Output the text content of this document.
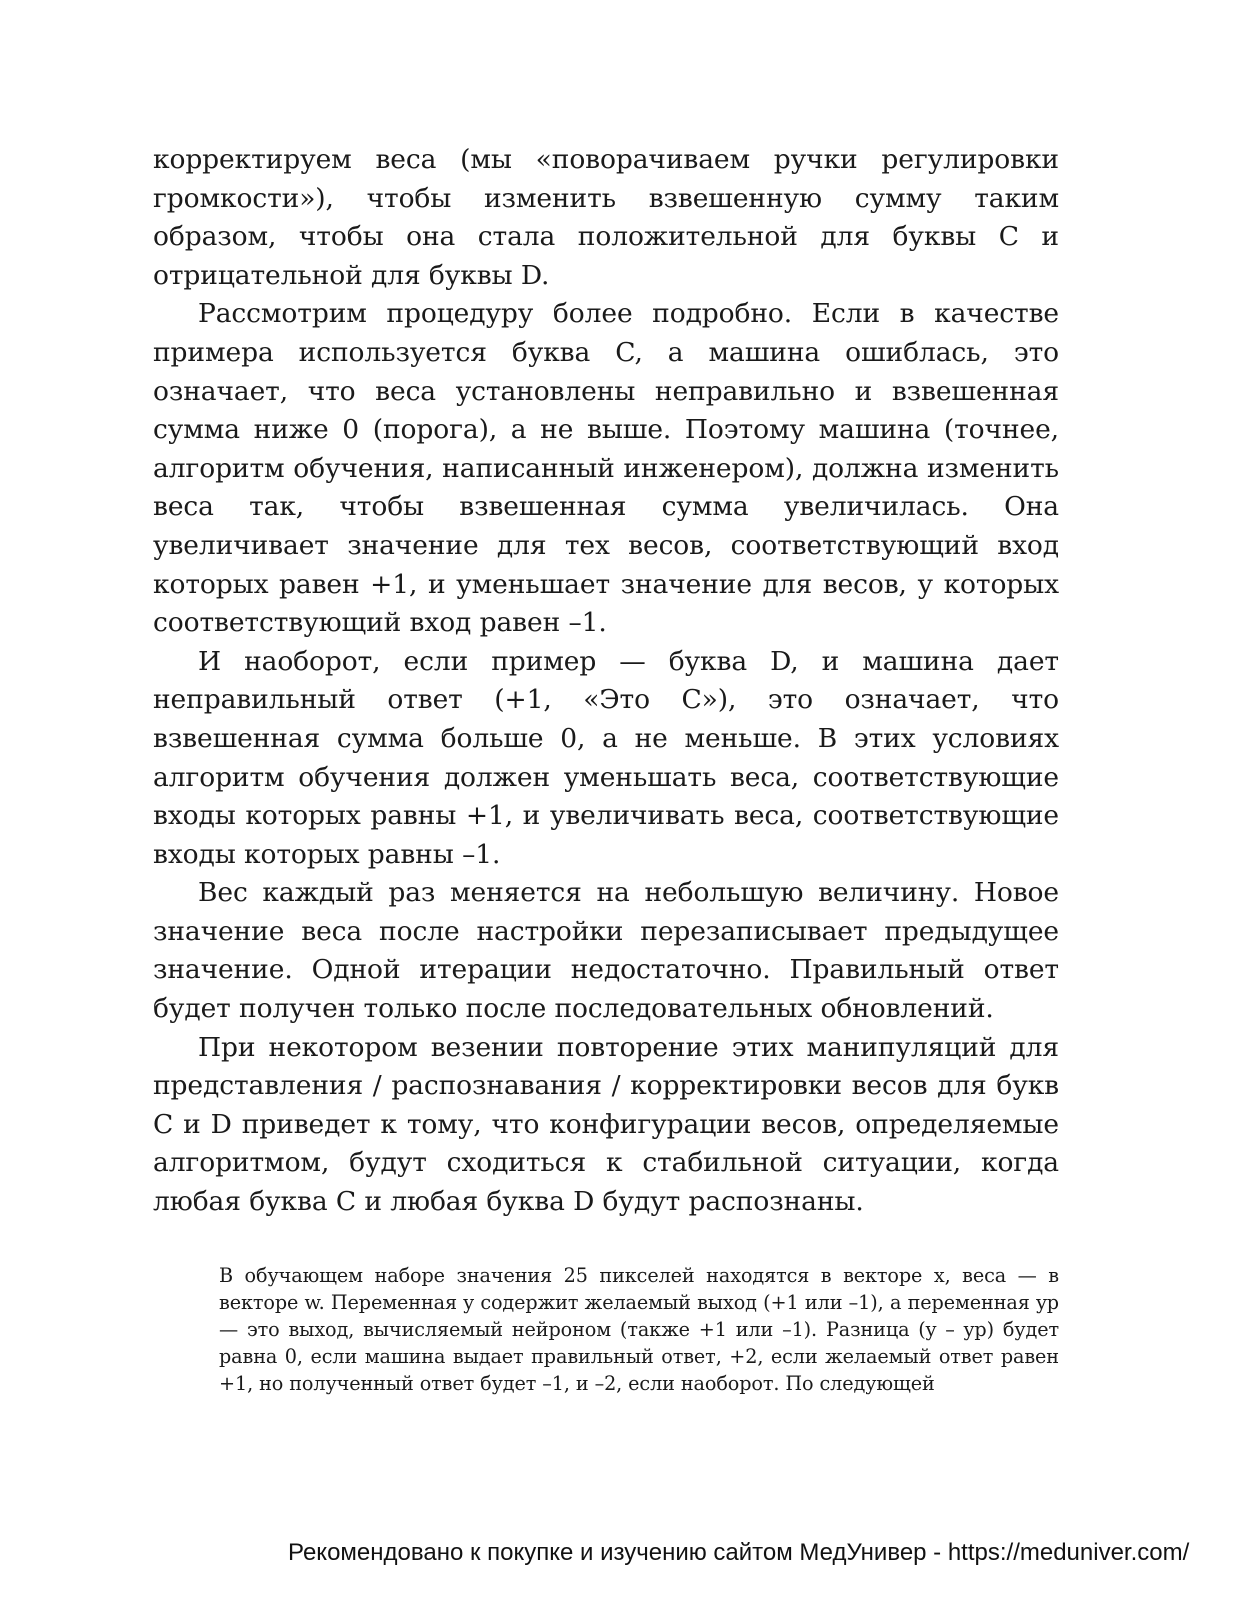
корректируем веса (мы «поворачиваем ручки регулировки громкости»), чтобы изменить взвешенную сумму таким образом, чтобы она стала положительной для буквы C и отрицательной для буквы D.

Рассмотрим процедуру более подробно. Если в качестве примера используется буква C, а машина ошиблась, это означает, что веса установлены неправильно и взвешенная сумма ниже 0 (порога), а не выше. Поэтому машина (точнее, алгоритм обучения, написанный инженером), должна изменить веса так, чтобы взвешенная сумма увеличилась. Она увеличивает значение для тех весов, соответствующий вход которых равен +1, и уменьшает значение для весов, у которых соответствующий вход равен –1.

И наоборот, если пример — буква D, и машина дает неправильный ответ (+1, «Это C»), это означает, что взвешенная сумма больше 0, а не меньше. В этих условиях алгоритм обучения должен уменьшать веса, соответствующие входы которых равны +1, и увеличивать веса, соответствующие входы которых равны –1.

Вес каждый раз меняется на небольшую величину. Новое значение веса после настройки перезаписывает предыдущее значение. Одной итерации недостаточно. Правильный ответ будет получен только после последовательных обновлений.

При некотором везении повторение этих манипуляций для представления / распознавания / корректировки весов для букв C и D приведет к тому, что конфигурации весов, определяемые алгоритмом, будут сходиться к стабильной ситуации, когда любая буква C и любая буква D будут распознаны.

В обучающем наборе значения 25 пикселей находятся в векторе x, веса — в векторе w. Переменная y содержит желаемый выход (+1 или –1), а переменная yp — это выход, вычисляемый нейроном (также +1 или –1). Разница (y – yp) будет равна 0, если машина выдает правильный ответ, +2, если желаемый ответ равен +1, но полученный ответ будет –1, и –2, если наоборот. По следующей

Рекомендовано к покупке и изучению сайтом МедУнивер - https://meduniver.com/
